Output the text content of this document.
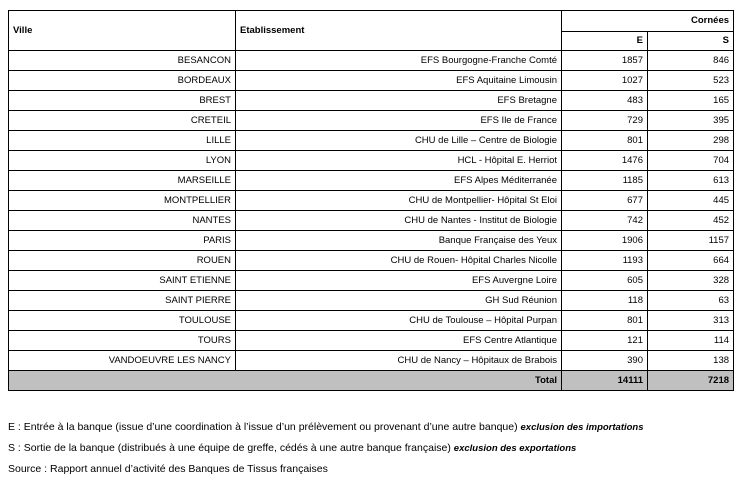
Ville	Etablissement	Cornées	
		E	S
BESANCON	EFS Bourgogne-Franche Comté	1857	846
BORDEAUX	EFS Aquitaine Limousin	1027	523
BREST	EFS Bretagne	483	165
CRETEIL	EFS Ile de France	729	395
LILLE	CHU de Lille – Centre de Biologie	801	298
LYON	HCL - Hôpital E. Herriot	1476	704
MARSEILLE	EFS Alpes Méditerranée	1185	613
MONTPELLIER	CHU de Montpellier- Hôpital St Eloi	677	445
NANTES	CHU de Nantes - Institut de Biologie	742	452
PARIS	Banque Française des Yeux	1906	1157
ROUEN	CHU de Rouen- Hôpital Charles Nicolle	1193	664
SAINT ETIENNE	EFS Auvergne Loire	605	328
SAINT PIERRE	GH Sud Réunion	118	63
TOULOUSE	CHU de Toulouse – Hôpital Purpan	801	313
TOURS	EFS Centre Atlantique	121	114
VANDOEUVRE LES NANCY	CHU de Nancy – Hôpitaux de Brabois	390	138
Total		14111	7218
E : Entrée à la banque (issue d’une coordination à l’issue d’un prélèvement ou provenant d’une autre banque) exclusion des importations
S : Sortie de la banque (distribués à une équipe de greffe, cédés à une autre banque française) exclusion des exportations
Source : Rapport annuel d’activité des Banques de Tissus françaises
